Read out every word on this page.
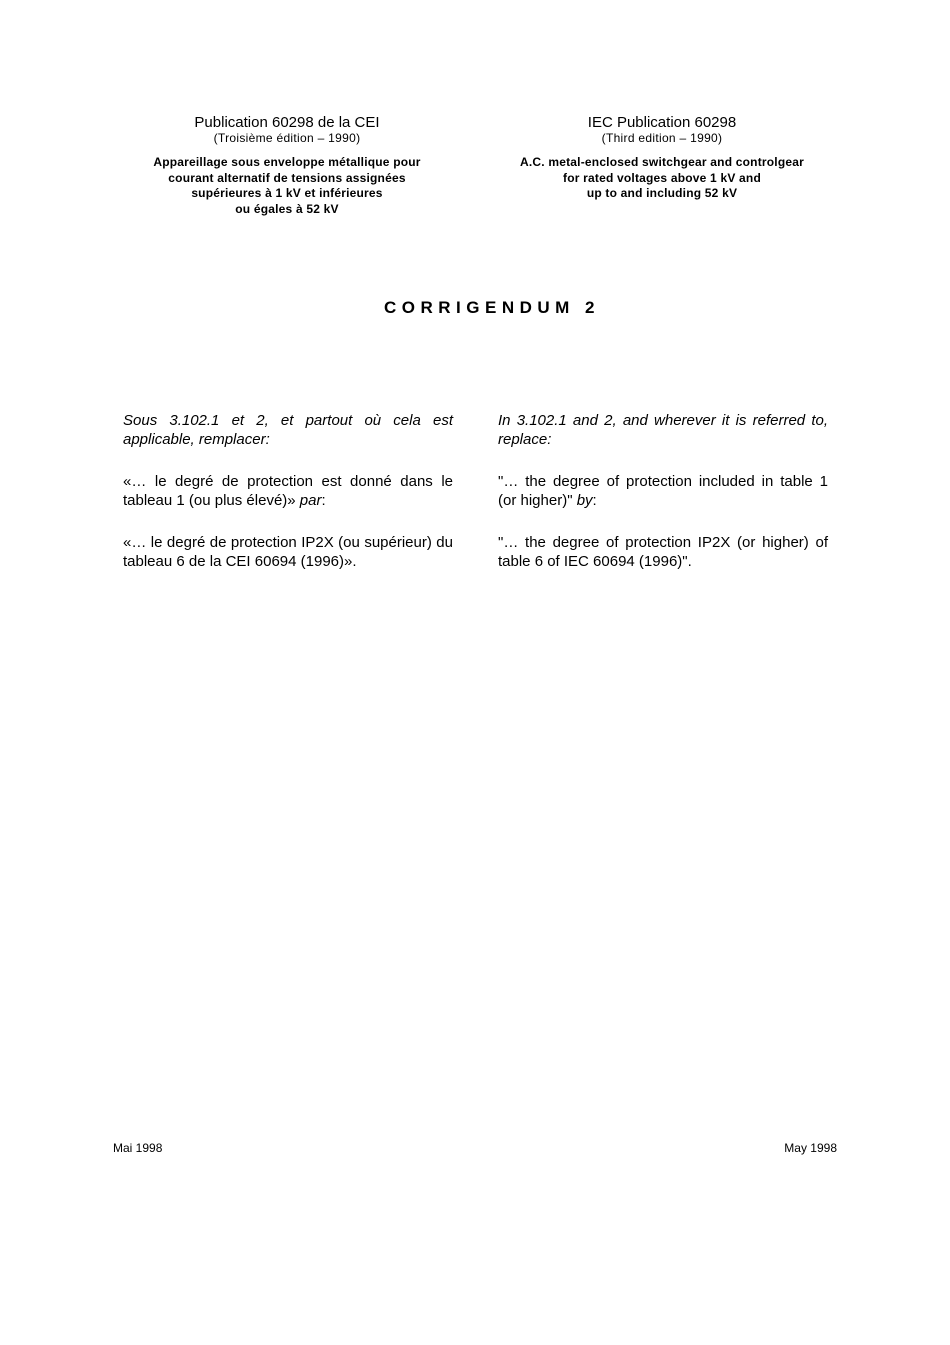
Publication 60298 de la CEI
(Troisième édition – 1990)
Appareillage sous enveloppe métallique pour
courant alternatif de tensions assignées
supérieures à 1 kV et inférieures
ou égales à 52 kV
IEC Publication 60298
(Third edition – 1990)
A.C. metal-enclosed switchgear and controlgear
for rated voltages above 1 kV and
up to and including 52 kV
CORRIGENDUM 2

Sous 3.102.1 et 2, et partout où cela est applicable, remplacer:

«… le degré de protection est donné dans le tableau 1 (ou plus élevé)» par:

«… le degré de protection IP2X (ou supérieur) du tableau 6 de la CEI 60694 (1996)».

In 3.102.1 and 2, and wherever it is referred to, replace:

"… the degree of protection included in table 1 (or higher)" by:

"… the degree of protection IP2X (or higher) of table 6 of IEC 60694 (1996)".

Mai 1998	May 1998
